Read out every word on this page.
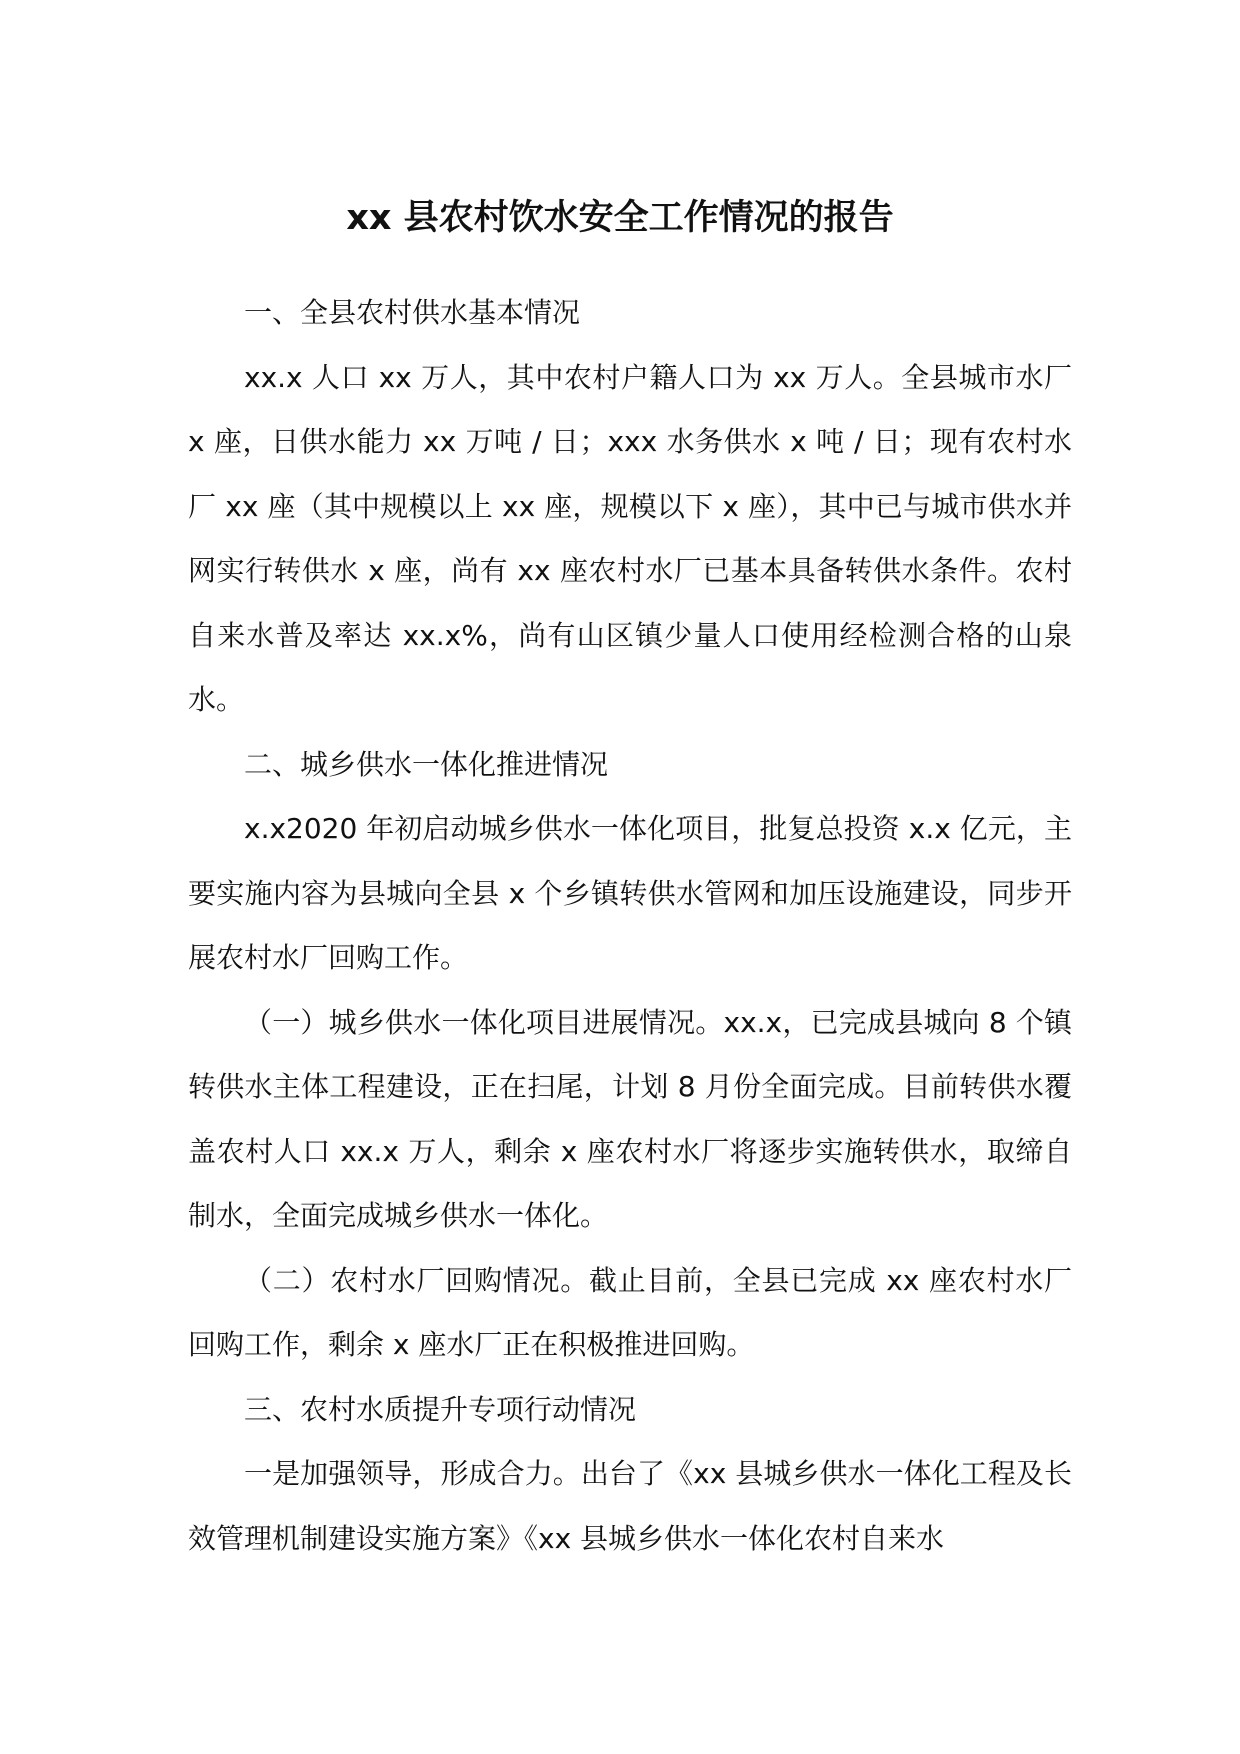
xx 县农村饮水安全工作情况的报告

一、全县农村供水基本情况

xx.x 人口 xx 万人，其中农村户籍人口为 xx 万人。全县城市水厂 x 座，日供水能力 xx 万吨 / 日；xxx 水务供水 x 吨 / 日；现有农村水厂 xx 座（其中规模以上 xx 座，规模以下 x 座），其中已与城市供水并网实行转供水 x 座，尚有 xx 座农村水厂已基本具备转供水条件。农村自来水普及率达 xx.x%，尚有山区镇少量人口使用经检测合格的山泉水。

二、城乡供水一体化推进情况

x.x2020 年初启动城乡供水一体化项目，批复总投资 x.x 亿元，主要实施内容为县城向全县 x 个乡镇转供水管网和加压设施建设，同步开展农村水厂回购工作。

（一）城乡供水一体化项目进展情况。xx.x，已完成县城向 8 个镇转供水主体工程建设，正在扫尾，计划 8 月份全面完成。目前转供水覆盖农村人口 xx.x 万人，剩余 x 座农村水厂将逐步实施转供水，取缔自制水，全面完成城乡供水一体化。

（二）农村水厂回购情况。截止目前，全县已完成 xx 座农村水厂回购工作，剩余 x 座水厂正在积极推进回购。

三、农村水质提升专项行动情况

一是加强领导，形成合力。出台了《xx 县城乡供水一体化工程及长效管理机制建设实施方案》《xx 县城乡供水一体化农村自来水
